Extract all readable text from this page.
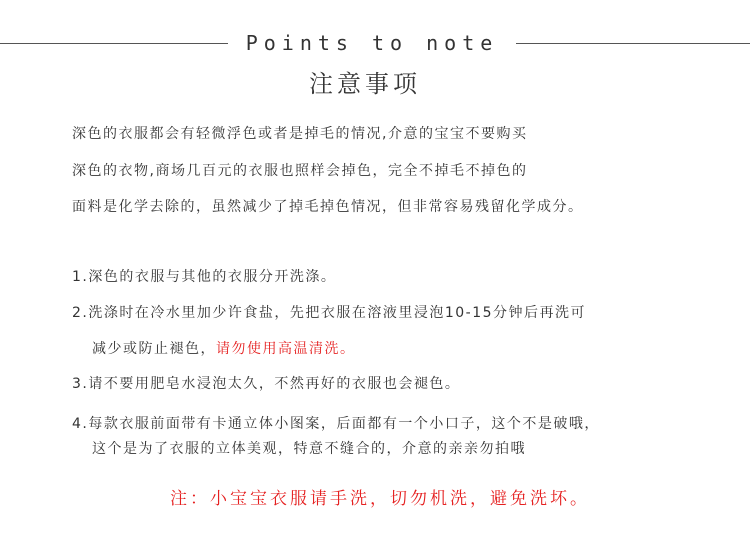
Points to note
注意事项
深色的衣服都会有轻微浮色或者是掉毛的情况,介意的宝宝不要购买
深色的衣物,商场几百元的衣服也照样会掉色，完全不掉毛不掉色的
面料是化学去除的，虽然减少了掉毛掉色情况，但非常容易残留化学成分。
1.深色的衣服与其他的衣服分开洗涤。
2.洗涤时在冷水里加少许食盐，先把衣服在溶液里浸泡10-15分钟后再洗可
减少或防止褪色，请勿使用高温清洗。
3.请不要用肥皂水浸泡太久，不然再好的衣服也会褪色。
4.每款衣服前面带有卡通立体小图案，后面都有一个小口子，这个不是破哦，
这个是为了衣服的立体美观，特意不缝合的，介意的亲亲勿拍哦
注：小宝宝衣服请手洗，切勿机洗，避免洗坏。
